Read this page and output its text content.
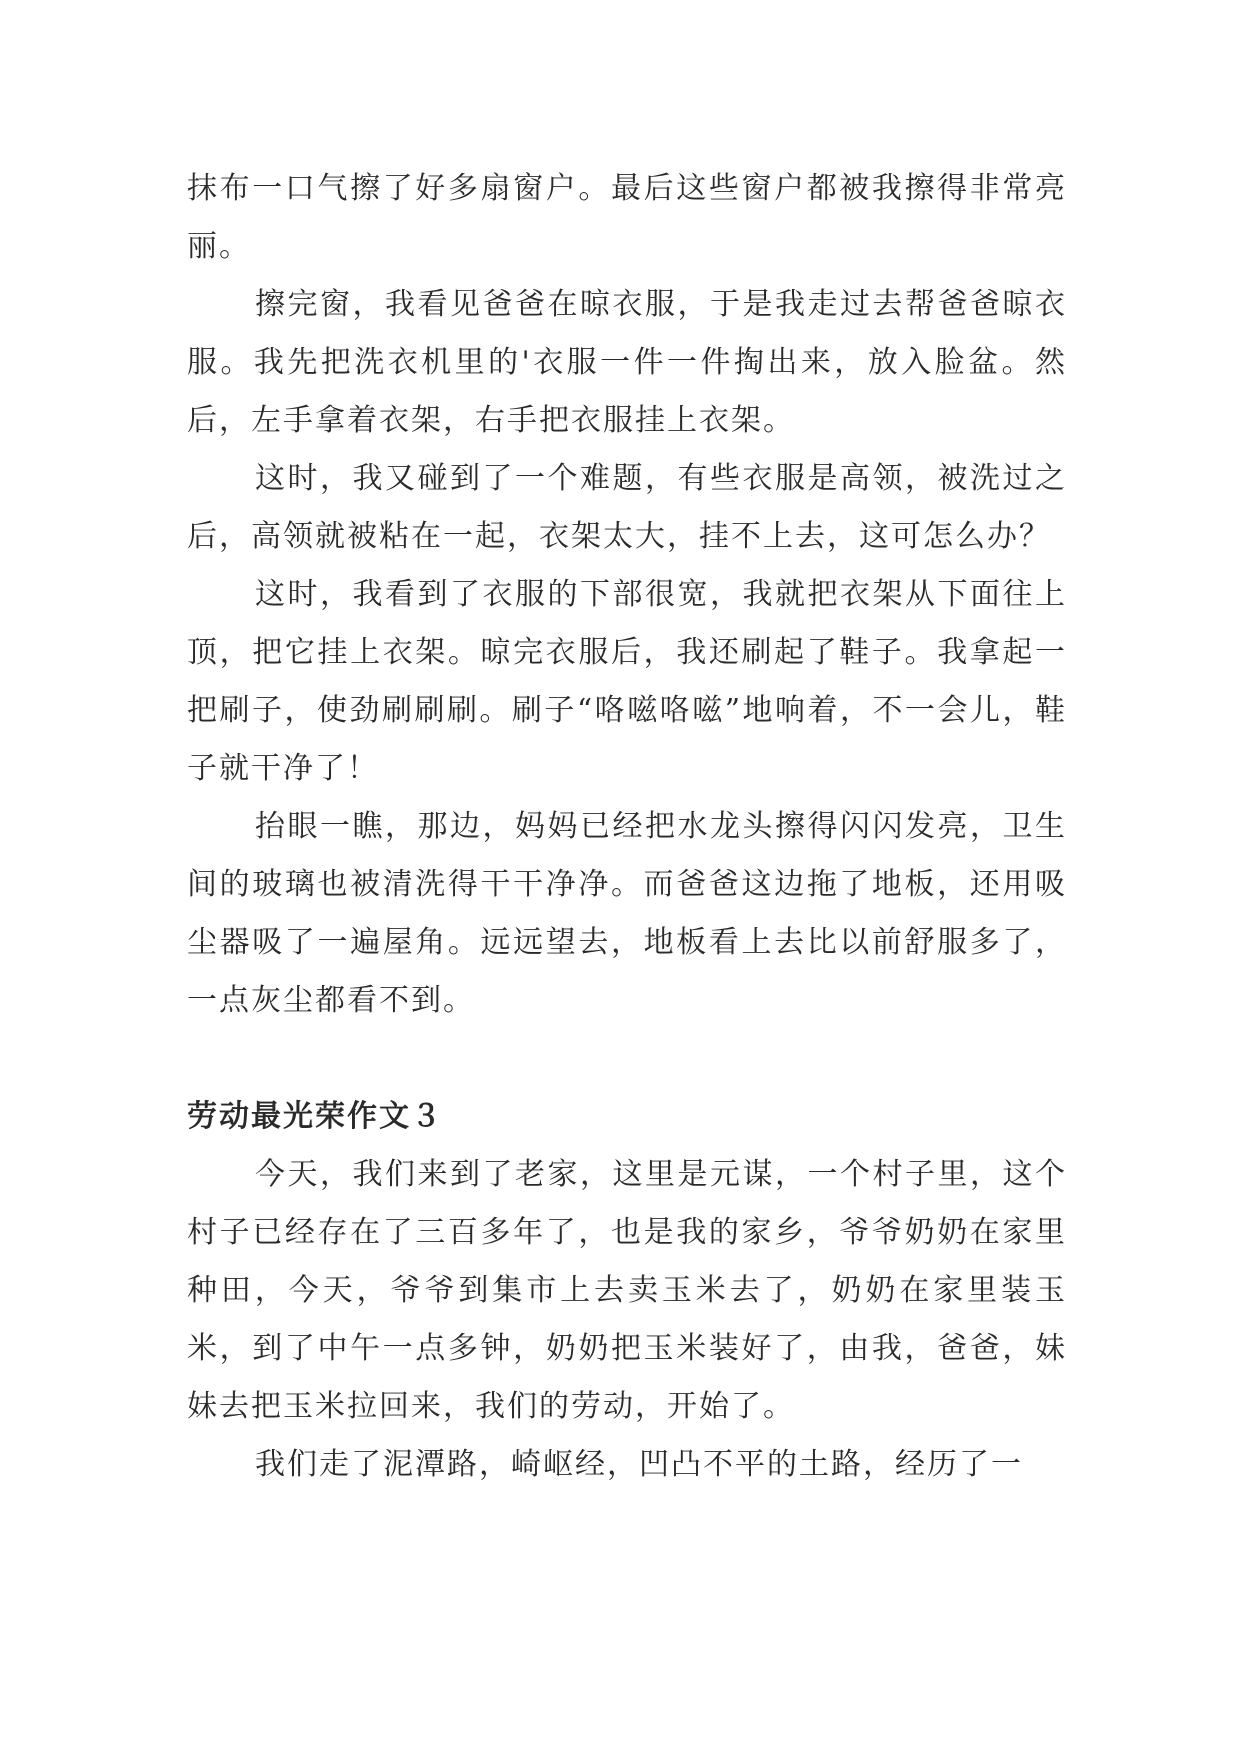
抹布一口气擦了好多扇窗户。最后这些窗户都被我擦得非常亮丽。

擦完窗，我看见爸爸在晾衣服，于是我走过去帮爸爸晾衣服。我先把洗衣机里的'衣服一件一件掏出来，放入脸盆。然后，左手拿着衣架，右手把衣服挂上衣架。

这时，我又碰到了一个难题，有些衣服是高领，被洗过之后，高领就被粘在一起，衣架太大，挂不上去，这可怎么办？

这时，我看到了衣服的下部很宽，我就把衣架从下面往上顶，把它挂上衣架。晾完衣服后，我还刷起了鞋子。我拿起一把刷子，使劲刷刷刷。刷子“咯嗞咯嗞”地响着，不一会儿，鞋子就干净了！

抬眼一瞧，那边，妈妈已经把水龙头擦得闪闪发亮，卫生间的玻璃也被清洗得干干净净。而爸爸这边拖了地板，还用吸尘器吸了一遍屋角。远远望去，地板看上去比以前舒服多了，一点灰尘都看不到。

劳动最光荣作文３

今天，我们来到了老家，这里是元谋，一个村子里，这个村子已经存在了三百多年了，也是我的家乡，爷爷奶奶在家里种田，今天，爷爷到集市上去卖玉米去了，奶奶在家里装玉米，到了中午一点多钟，奶奶把玉米装好了，由我，爸爸，妹妹去把玉米拉回来，我们的劳动，开始了。

我们走了泥潭路，崎岖经，凹凸不平的土路，经历了一
